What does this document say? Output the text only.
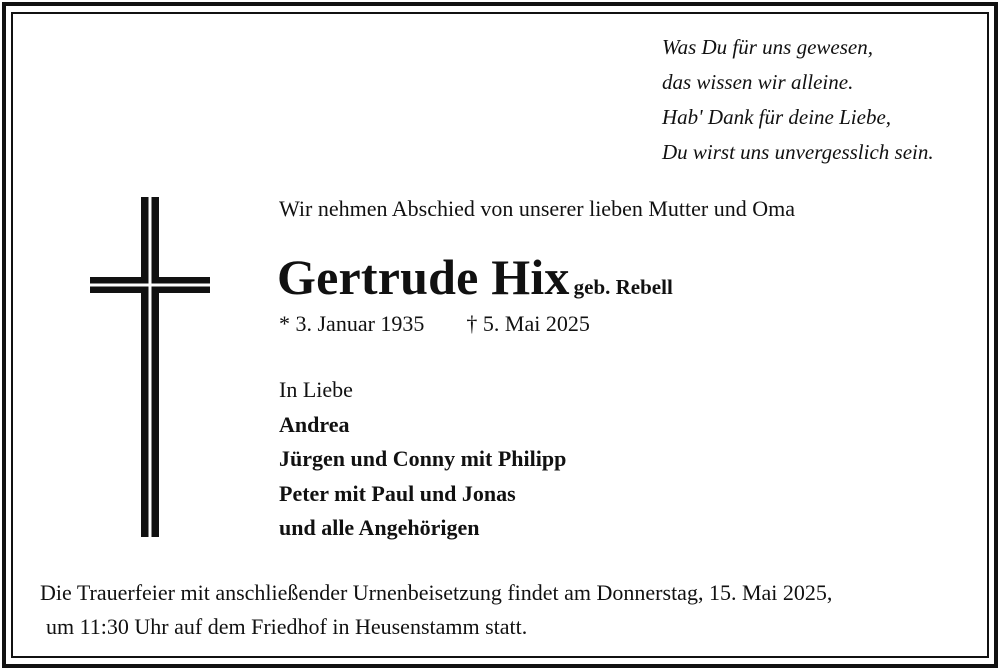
Was Du für uns gewesen,
das wissen wir alleine.
Hab' Dank für deine Liebe,
Du wirst uns unvergesslich sein.
Wir nehmen Abschied von unserer lieben Mutter und Oma
Gertrude Hix geb. Rebell
* 3. Januar 1935 † 5. Mai 2025
In Liebe
Andrea
Jürgen und Conny mit Philipp
Peter mit Paul und Jonas
und alle Angehörigen
Die Trauerfeier mit anschließender Urnenbeisetzung findet am Donnerstag, 15. Mai 2025,
um 11:30 Uhr auf dem Friedhof in Heusenstamm statt.
